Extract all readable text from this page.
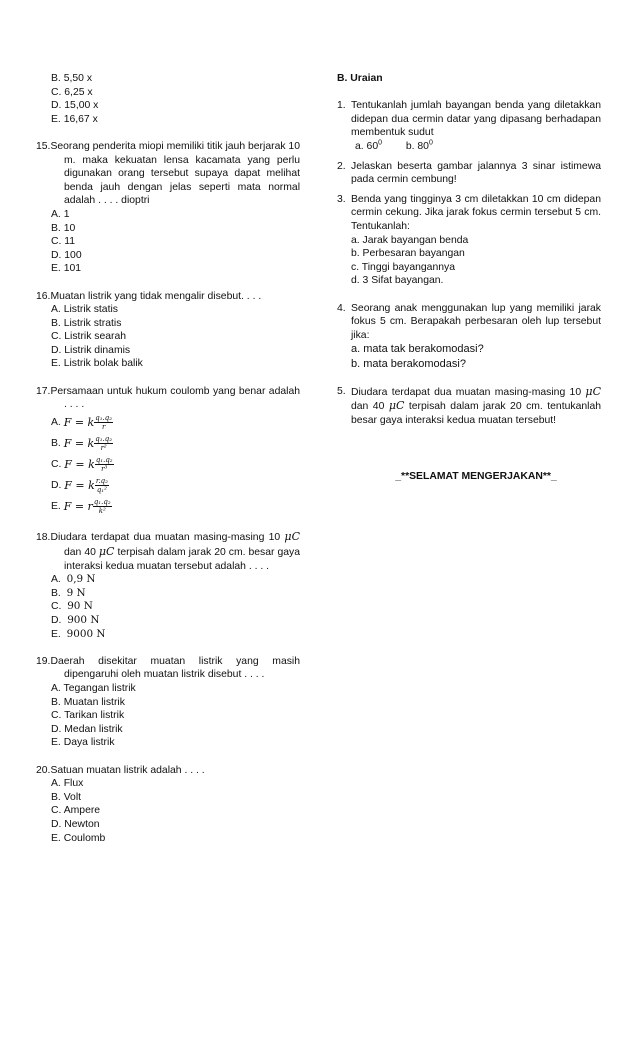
B. 5,50 x
C. 6,25 x
D. 15,00 x
E. 16,67 x
15.Seorang penderita miopi memiliki titik jauh berjarak 10 m. maka kekuatan lensa kacamata yang perlu digunakan orang tersebut supaya dapat melihat benda jauh dengan jelas seperti mata normal adalah . . . . dioptri
A. 1
B. 10
C. 11
D. 100
E. 101
16.Muatan listrik yang tidak mengalir disebut. . . .
A. Listrik statis
B. Listrik stratis
C. Listrik searah
D. Listrik dinamis
E. Listrik bolak balik
17.Persamaan untuk hukum coulomb yang benar adalah . . . .
A.
F = k $\frac{\text{q₁.q₂}}{r}$
B.
F = k $\frac{\text{q₁.q₂}}{\text{r²}}$
C.
F = k $\frac{\text{q₁.q₂}}{\text{r³}}$
D.
F = k $\frac{\text{r.q₂}}{\text{q₁²}}$
E.
F = r $\frac{\text{q₁.q₂}}{\text{k²}}$
18.Diudara terdapat dua muatan masing-masing 10 μC dan 40 μC terpisah dalam jarak 20 cm. besar gaya interaksi kedua muatan tersebut adalah . . . .
A. 0,9 N
B. 9 N
C. 90 N
D. 900 N
E. 9000 N
19.Daerah disekitar muatan listrik yang masih dipengaruhi oleh muatan listrik disebut . . . .
A. Tegangan listrik
B. Muatan listrik
C. Tarikan listrik
D. Medan listrik
E. Daya listrik
20.Satuan muatan listrik adalah . . . .
A. Flux
B. Volt
C. Ampere
D. Newton
E. Coulomb
B. Uraian
1. Tentukanlah jumlah bayangan benda yang diletakkan didepan dua cermin datar yang dipasang berhadapan membentuk sudut
a. $60^0$ b. $80^0$
2. Jelaskan beserta gambar jalannya 3 sinar istimewa pada cermin cembung!
3. Benda yang tingginya 3 cm diletakkan 10 cm didepan cermin cekung. Jika jarak fokus cermin tersebut 5 cm. Tentukanlah:
a. Jarak bayangan benda
b. Perbesaran bayangan
c. Tinggi bayangannya
d. 3 Sifat bayangan.
4. Seorang anak menggunakan lup yang memiliki jarak fokus 5 cm. Berapakah perbesaran oleh lup tersebut jika:
a. mata tak berakomodasi?
b. mata berakomodasi?
5. Diudara terdapat dua muatan masing-masing 10 μC dan 40 μC terpisah dalam jarak 20 cm. tentukanlah besar gaya interaksi kedua muatan tersebut!
_**SELAMAT MENGERJAKAN**_
